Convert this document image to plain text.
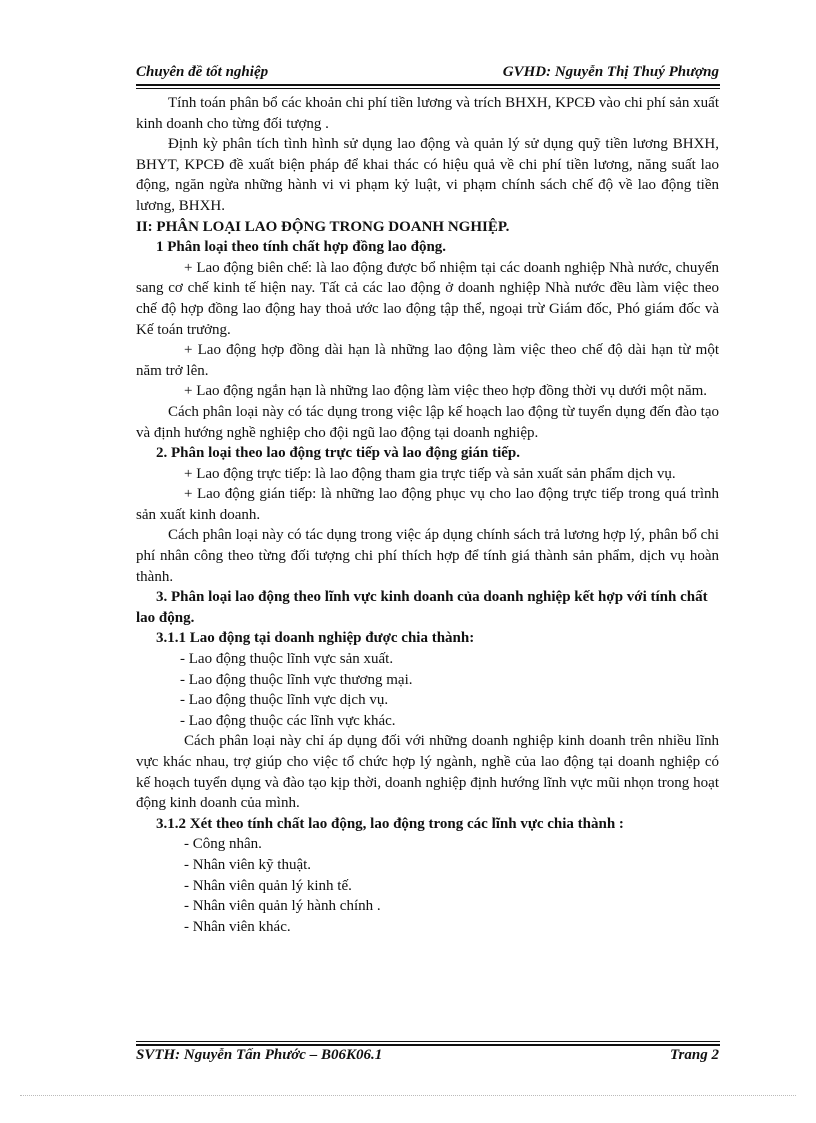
Chuyên đề tốt nghiệp	GVHD: Nguyễn Thị Thuý Phượng

Tính toán phân bổ các khoản chi phí tiền lương và trích BHXH, KPCĐ vào chi phí sản xuất kinh doanh cho từng đối tượng .

Định kỳ phân tích tình hình sử dụng lao động và quản lý sử dụng quỹ tiền lương BHXH, BHYT, KPCĐ đề xuất biện pháp để khai thác có hiệu quả về chi phí tiền lương, năng suất lao động, ngăn ngừa những hành vi vi phạm kỷ luật, vi phạm chính sách chế độ về lao động tiền lương, BHXH.

II: PHÂN LOẠI LAO ĐỘNG TRONG DOANH NGHIỆP.

1 Phân loại theo tính chất hợp đồng lao động.

+ Lao động biên chế: là lao động được bổ nhiệm tại các doanh nghiệp Nhà nước, chuyển sang cơ chế kinh tế hiện nay. Tất cả các lao động ở doanh nghiệp Nhà nước đều làm việc theo chế độ hợp đồng lao động hay thoả ước lao động tập thể, ngoại trừ Giám đốc, Phó giám đốc và Kế toán trưởng.

+ Lao động hợp đồng dài hạn là những lao động làm việc theo chế độ dài hạn từ một năm trở lên.

+ Lao động ngắn hạn là những lao động làm việc theo hợp đồng thời vụ dưới một năm.

Cách phân loại này có tác dụng trong việc lập kế hoạch lao động từ tuyển dụng đến đào tạo và định hướng nghề nghiệp cho đội ngũ lao động tại doanh nghiệp.

2. Phân loại theo lao động trực tiếp và lao động gián tiếp.

+ Lao động trực tiếp: là lao động tham gia trực tiếp và sản xuất sản phẩm dịch vụ.

+ Lao động gián tiếp: là những lao động phục vụ cho lao động trực tiếp trong quá trình sản xuất kinh doanh.

Cách phân loại này có tác dụng trong việc áp dụng chính sách trả lương hợp lý, phân bổ chi phí nhân công theo từng đối tượng chi phí thích hợp để tính giá thành sản phẩm, dịch vụ hoàn thành.

3. Phân loại lao động theo lĩnh vực kinh doanh của doanh nghiệp kết hợp với tính chất lao động.

3.1.1 Lao động tại doanh nghiệp được chia thành:

- Lao động thuộc lĩnh vực sản xuất.

- Lao động thuộc lĩnh vực thương mại.

- Lao động thuộc lĩnh vực dịch vụ.

- Lao động thuộc các lĩnh vực khác.

Cách phân loại này chỉ áp dụng đối với những doanh nghiệp kinh doanh trên nhiều lĩnh vực khác nhau, trợ giúp cho việc tổ chức hợp lý ngành, nghề của lao động tại doanh nghiệp có kế hoạch tuyển dụng và đào tạo kịp thời, doanh nghiệp định hướng lĩnh vực mũi nhọn trong hoạt động kinh doanh của mình.

3.1.2 Xét theo tính chất lao động, lao động trong các lĩnh vực chia thành :

- Công nhân.

- Nhân viên kỹ thuật.

- Nhân viên quản lý kinh tế.

- Nhân viên quản lý hành chính .

- Nhân viên khác.

SVTH: Nguyễn Tấn Phước – B06K06.1	Trang 2
